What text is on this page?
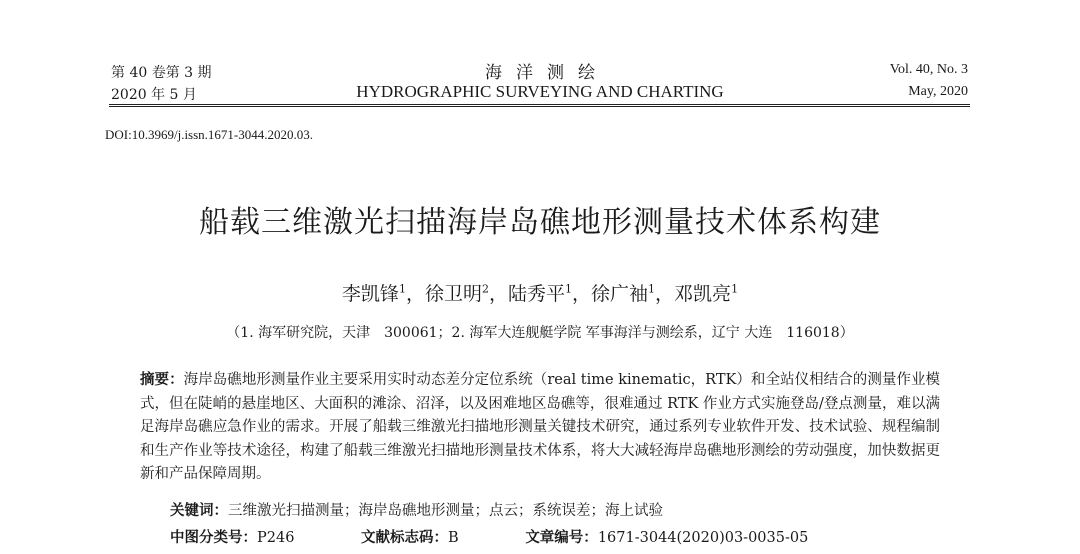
第 40 卷第 3 期
2020 年 5 月
海洋测绘
HYDROGRAPHIC SURVEYING AND CHARTING
Vol. 40, No. 3
May, 2020
DOI:10.3969/j.issn.1671-3044.2020.03.
船载三维激光扫描海岸岛礁地形测量技术体系构建
李凯锋$^1$，徐卫明$^2$，陆秀平$^1$，徐广袖$^1$，邓凯亮$^1$
（1. 海军研究院，天津　300061；2. 海军大连舰艇学院 军事海洋与测绘系，辽宁 大连　116018）
摘要：海岸岛礁地形测量作业主要采用实时动态差分定位系统（real time kinematic，RTK）和全站仪相结合的测量作业模式，但在陡峭的悬崖地区、大面积的滩涂、沼泽，以及困难地区岛礁等，很难通过 RTK 作业方式实施登岛/登点测量，难以满足海岸岛礁应急作业的需求。开展了船载三维激光扫描地形测量关键技术研究，通过系列专业软件开发、技术试验、规程编制和生产作业等技术途径，构建了船载三维激光扫描地形测量技术体系，将大大减轻海岸岛礁地形测绘的劳动强度，加快数据更新和产品保障周期。
关键词：三维激光扫描测量；海岸岛礁地形测量；点云；系统误差；海上试验
中图分类号：P246	文献标志码：B	文章编号：1671-3044(2020)03-0035-05
